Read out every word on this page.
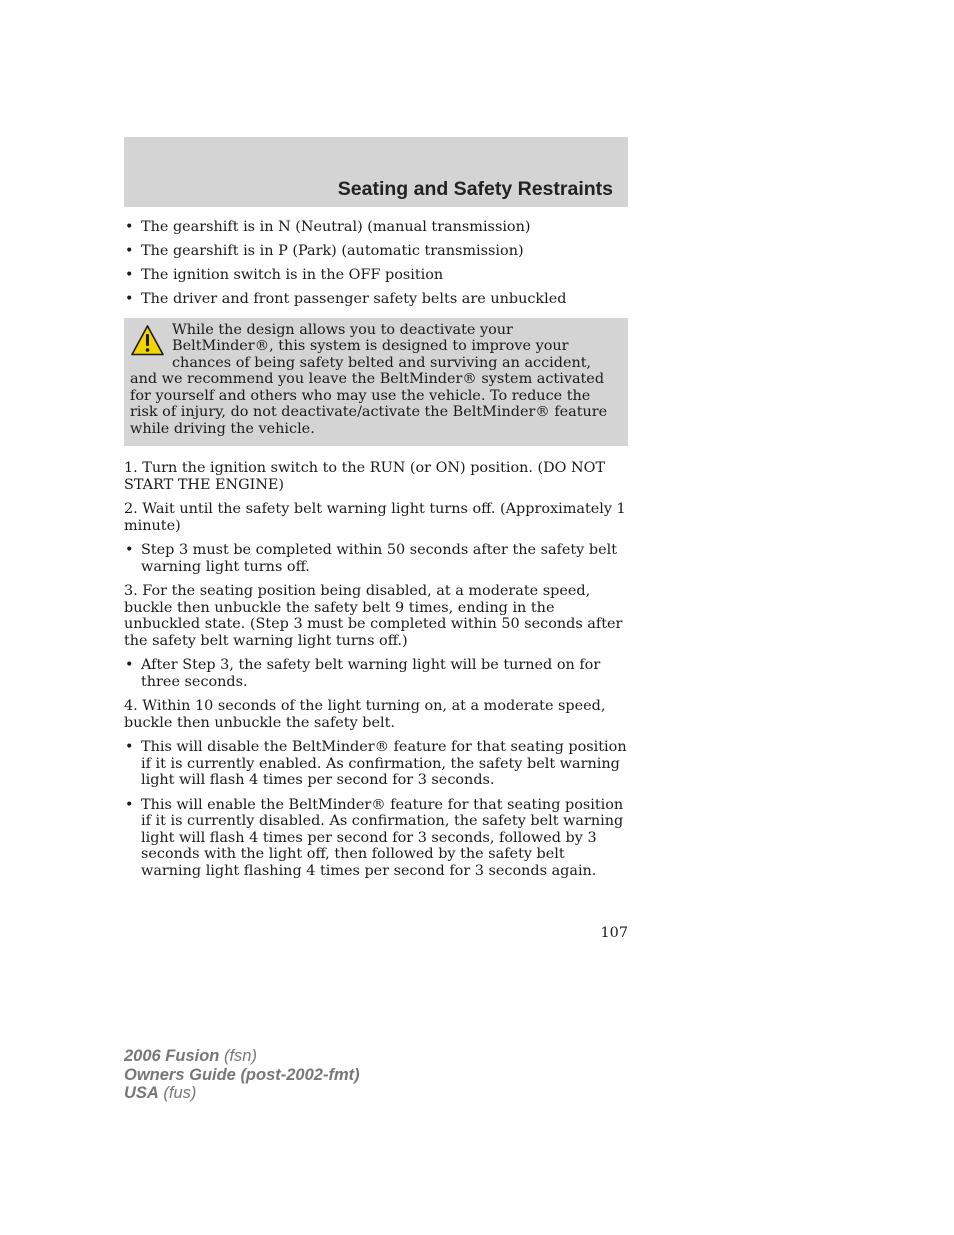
Seating and Safety Restraints
• The gearshift is in N (Neutral) (manual transmission)
• The gearshift is in P (Park) (automatic transmission)
• The ignition switch is in the OFF position
• The driver and front passenger safety belts are unbuckled

While the design allows you to deactivate your BeltMinder®, this system is designed to improve your chances of being safety belted and surviving an accident, and we recommend you leave the BeltMinder® system activated for yourself and others who may use the vehicle. To reduce the risk of injury, do not deactivate/activate the BeltMinder® feature while driving the vehicle.

1. Turn the ignition switch to the RUN (or ON) position. (DO NOT START THE ENGINE)

2. Wait until the safety belt warning light turns off. (Approximately 1 minute)

• Step 3 must be completed within 50 seconds after the safety belt warning light turns off.

3. For the seating position being disabled, at a moderate speed, buckle then unbuckle the safety belt 9 times, ending in the unbuckled state. (Step 3 must be completed within 50 seconds after the safety belt warning light turns off.)

• After Step 3, the safety belt warning light will be turned on for three seconds.

4. Within 10 seconds of the light turning on, at a moderate speed, buckle then unbuckle the safety belt.

• This will disable the BeltMinder® feature for that seating position if it is currently enabled. As confirmation, the safety belt warning light will flash 4 times per second for 3 seconds.
• This will enable the BeltMinder® feature for that seating position if it is currently disabled. As confirmation, the safety belt warning light will flash 4 times per second for 3 seconds, followed by 3 seconds with the light off, then followed by the safety belt warning light flashing 4 times per second for 3 seconds again.
107
2006 Fusion (fsn)
Owners Guide (post-2002-fmt)
USA (fus)
